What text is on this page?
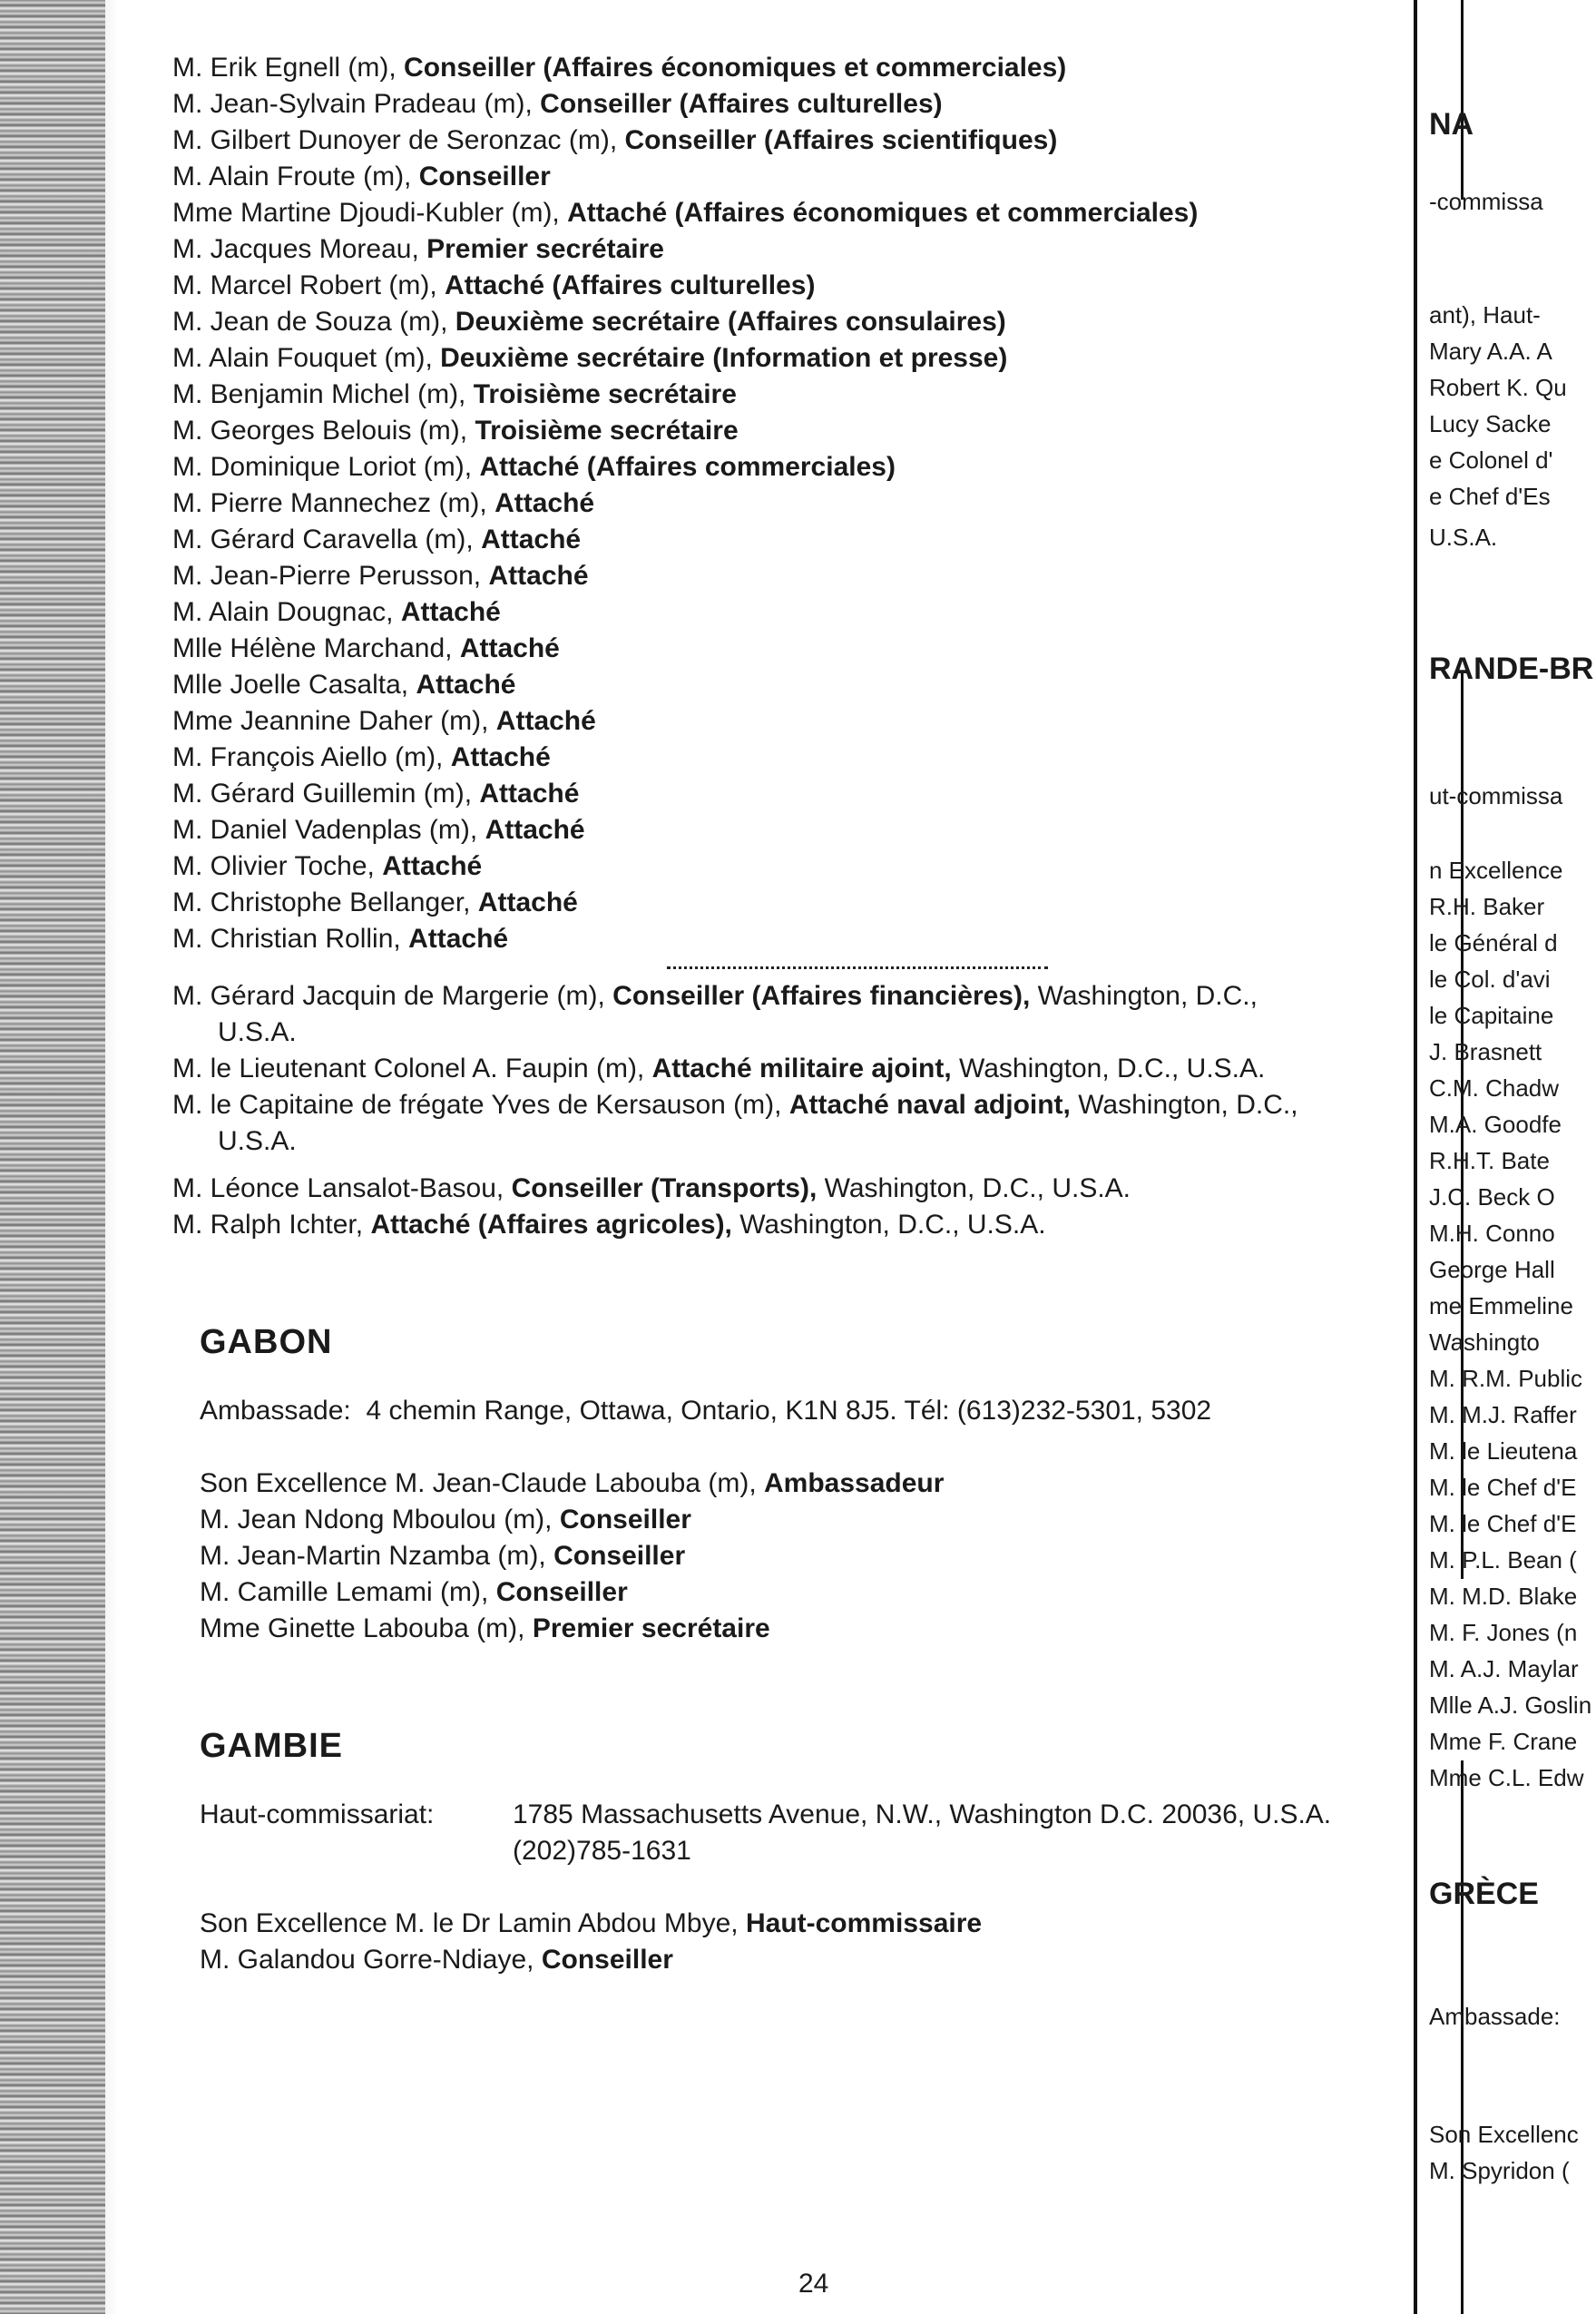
M. Erik Egnell (m), Conseiller (Affaires économiques et commerciales)
M. Jean-Sylvain Pradeau (m), Conseiller (Affaires culturelles)
M. Gilbert Dunoyer de Seronzac (m), Conseiller (Affaires scientifiques)
M. Alain Froute (m), Conseiller
Mme Martine Djoudi-Kubler (m), Attaché (Affaires économiques et commerciales)
M. Jacques Moreau, Premier secrétaire
M. Marcel Robert (m), Attaché (Affaires culturelles)
M. Jean de Souza (m), Deuxième secrétaire (Affaires consulaires)
M. Alain Fouquet (m), Deuxième secrétaire (Information et presse)
M. Benjamin Michel (m), Troisième secrétaire
M. Georges Belouis (m), Troisième secrétaire
M. Dominique Loriot (m), Attaché (Affaires commerciales)
M. Pierre Mannechez (m), Attaché
M. Gérard Caravella (m), Attaché
M. Jean-Pierre Perusson, Attaché
M. Alain Dougnac, Attaché
Mlle Hélène Marchand, Attaché
Mlle Joelle Casalta, Attaché
Mme Jeannine Daher (m), Attaché
M. François Aiello (m), Attaché
M. Gérard Guillemin (m), Attaché
M. Daniel Vadenplas (m), Attaché
M. Olivier Toche, Attaché
M. Christophe Bellanger, Attaché
M. Christian Rollin, Attaché
M. Gérard Jacquin de Margerie (m), Conseiller (Affaires financières), Washington, D.C.,
U.S.A.
M. le Lieutenant Colonel A. Faupin (m), Attaché militaire ajoint, Washington, D.C., U.S.A.
M. le Capitaine de frégate Yves de Kersauson (m), Attaché naval adjoint, Washington, D.C.,
U.S.A.
M. Léonce Lansalot-Basou, Conseiller (Transports), Washington, D.C., U.S.A.
M. Ralph Ichter, Attaché (Affaires agricoles), Washington, D.C., U.S.A.
GABON
Ambassade: 4 chemin Range, Ottawa, Ontario, K1N 8J5. Tél: (613)232-5301, 5302
Son Excellence M. Jean-Claude Labouba (m), Ambassadeur
M. Jean Ndong Mboulou (m), Conseiller
M. Jean-Martin Nzamba (m), Conseiller
M. Camille Lemami (m), Conseiller
Mme Ginette Labouba (m), Premier secrétaire
GAMBIE
Haut-commissariat:	1785 Massachusetts Avenue, N.W., Washington D.C. 20036, U.S.A.
(202)785-1631
Son Excellence M. le Dr Lamin Abdou Mbye, Haut-commissaire
M. Galandou Gorre-Ndiaye, Conseiller
24
NA
-commissa
ant), Haut-
Mary A.A. A
Robert K. Qu
Lucy Sacke
e Colonel d'
e Chef d'Es
U.S.A.
RANDE-BR
ut-commissa
n Excellence
R.H. Baker
le Général d
le Col. d'avi
le Capitaine
J. Brasnett
C.M. Chadw
M.A. Goodfe
R.H.T. Bate
J.C. Beck O
M.H. Conno
George Hall
me Emmeline
Washingto
M. R.M. Public
M. M.J. Raffer
M. le Lieutena
M. le Chef d'E
M. le Chef d'E
M. P.L. Bean (
M. M.D. Blake
M. F. Jones (n
M. A.J. Maylar
Mlle A.J. Goslin
Mme F. Crane
Mme C.L. Edw
GRÈCE
Ambassade:
Son Excellenc
M. Spyridon (
